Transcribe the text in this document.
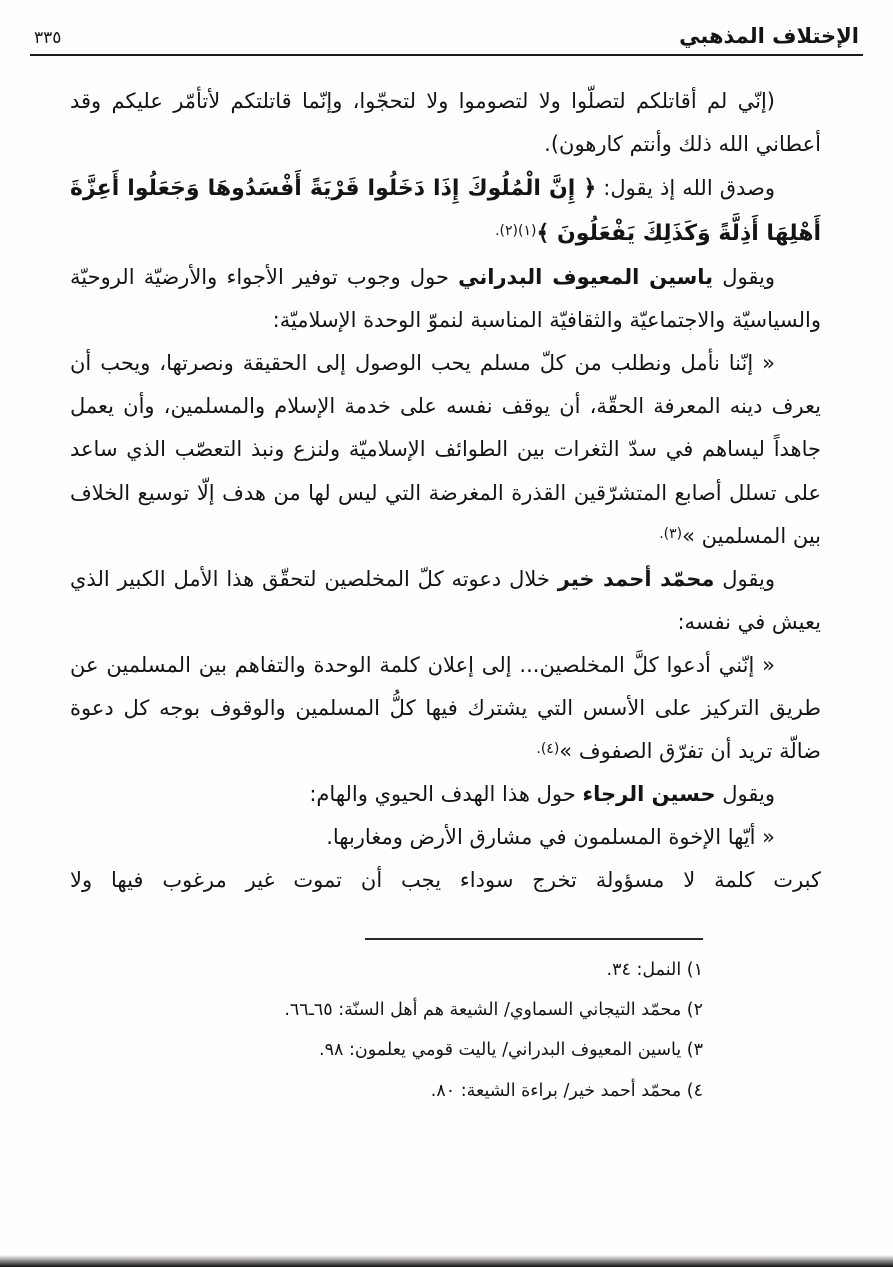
الإختلاف المذهبي
٣٣٥

(إنّي لم أقاتلكم لتصلّوا ولا لتصوموا ولا لتحجّوا، وإنّما قاتلتكم لأتأمّر عليكم وقد أعطاني الله ذلك وأنتم كارهون).

وصدق الله إذ يقول: ﴿ إِنَّ الْمُلُوكَ إِذَا دَخَلُوا قَرْيَةً أَفْسَدُوهَا وَجَعَلُوا أَعِزَّةَ أَهْلِهَا أَذِلَّةً وَكَذَلِكَ يَفْعَلُونَ ﴾$^{(١)(٢).}$

ويقول ياسين المعيوف البدراني حول وجوب توفير الأجواء والأرضيّة الروحيّة والسياسيّة والاجتماعيّة والثقافيّة المناسبة لنموّ الوحدة الإسلاميّة:

« إنّنا نأمل ونطلب من كلّ مسلم يحب الوصول إلى الحقيقة ونصرتها، ويحب أن يعرف دينه المعرفة الحقّة، أن يوقف نفسه على خدمة الإسلام والمسلمين، وأن يعمل جاهداً ليساهم في سدّ الثغرات بين الطوائف الإسلاميّة ولنزع ونبذ التعصّب الذي ساعد على تسلل أصابع المتشرّقين القذرة المغرضة التي ليس لها من هدف إلّا توسيع الخلاف بين المسلمين »$^{(٣).}$

ويقول محمّد أحمد خير خلال دعوته كلّ المخلصين لتحقّق هذا الأمل الكبير الذي يعيش في نفسه:

« إنّني أدعوا كلَّ المخلصين... إلى إعلان كلمة الوحدة والتفاهم بين المسلمين عن طريق التركيز على الأسس التي يشترك فيها كلُّ المسلمين والوقوف بوجه كل دعوة ضالّة تريد أن تفرّق الصفوف »$^{(٤).}$

ويقول حسين الرجاء حول هذا الهدف الحيوي والهام:

« أيّها الإخوة المسلمون في مشارق الأرض ومغاربها.

كبرت كلمة لا مسؤولة تخرج سوداء يجب أن تموت غير مرغوب فيها ولا

١) النمل: ٣٤.

٢) محمّد التيجاني السماوي/ الشيعة هم أهل السنّة: ٦٥ـ٦٦.

٣) ياسين المعيوف البدراني/ ياليت قومي يعلمون: ٩٨.

٤) محمّد أحمد خير/ براءة الشيعة: ٨٠.
